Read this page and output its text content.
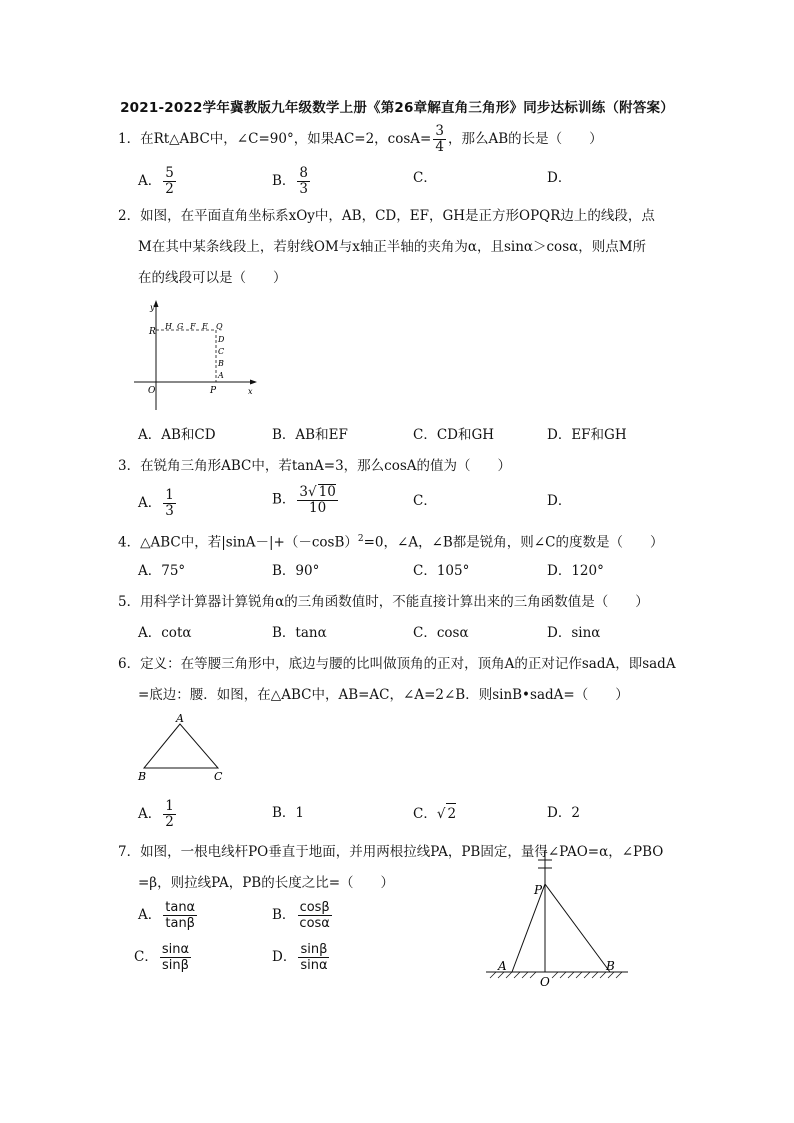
2021-2022学年冀教版九年级数学上册《第26章解直角三角形》同步达标训练（附答案）
1．在Rt△ABC中，∠C=90°，如果AC=2，$\cos A= \frac{3}{4}$ ，那么AB的长是（　　）
A． $\frac{5}{2}$	B． $\frac{8}{3}$	C．	D．
2．如图，在平面直角坐标系xOy中，AB，CD，EF，GH是正方形OPQR边上的线段，点
M在其中某条线段上，若射线OM与x轴正半轴的夹角为α，且sinα＞cosα，则点M所
在的线段可以是（　　）
y
x
O	P
R
H G F E Q
D
C
B
A
A．AB和CD	B．AB和EF	C．CD和GH	D．EF和GH
3．在锐角三角形ABC中，若tanA=3，那么cosA的值为（　　）
A． $\frac{1}{3}$	B． $\frac{3√ 10}{10}$	C．	D．
4．△ABC中，若$|\sin A-|+(-\cos B)^2=0$，∠A，∠B都是锐角，则∠C的度数是（　　）
A．75°	B．90°	C．105°	D．120°
5．用科学计算器计算锐角α的三角函数值时，不能直接计算出来的三角函数值是（　　）
A．cotα	B．tanα	C．cosα	D．sinα
6．定义：在等腰三角形中，底边与腰的比叫做顶角的正对，顶角A的正对记作sadA，即sadA
=底边：腰．如图，在△ABC中，AB=AC，∠A=2∠B．则sinB•sadA=（　　）
A
B	C
A． $\frac{1}{2}$	B．1	C．√ 2	D．2
7．如图，一根电线杆PO垂直于地面，并用两根拉线PA，PB固定，量得∠PAO=α，∠PBO
=β，则拉线PA，PB的长度之比=（　　）
A． $\frac{\tan\alpha}{\tan\beta}$	B． $\frac{\cos\beta}{\cos\alpha}$
C． $\frac{\sin\alpha}{\sin\beta}$	D． $\frac{\sin\beta}{\sin\alpha}$
P
A	B
O
